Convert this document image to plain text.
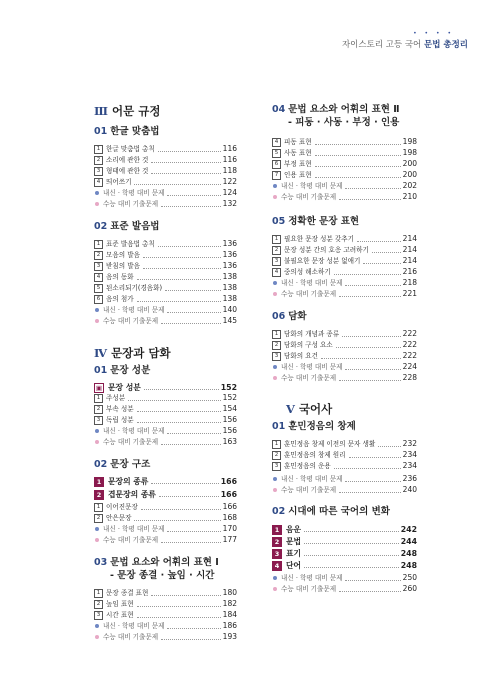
• • • •
자이스토리 고등 국어 문법 총정리
Ⅲ 어문 규정
01 한글 맞춤법
1 한글 맞춤법 총칙	116
2 소리에 관한 것	116
3 형태에 관한 것	118
4 띄어쓰기	122
내신 · 학평 대비 문제	124
수능 대비 기출문제	132
02 표준 발음법
1 표준 발음법 총칙	136
2 모음의 발음	136
3 받침의 발음	136
4 음의 동화	138
5 된소리되기(경음화)	138
6 음의 첨가	138
내신 · 학평 대비 문제	140
수능 대비 기출문제	145
Ⅳ 문장과 담화
01 문장 성분
▣ 문장 성분	152
1 주성분	152
2 부속 성분	154
3 독립 성분	156
내신 · 학평 대비 문제	156
수능 대비 기출문제	163
02 문장 구조
1 문장의 종류	166
2 겹문장의 종류	166
1 이어진문장	166
2 안은문장	168
내신 · 학평 대비 문제	170
수능 대비 기출문제	177
03 문법 요소와 어휘의 표현 Ⅰ
- 문장 종결 · 높임 · 시간
1 문장 종결 표현	180
2 높임 표현	182
3 시간 표현	184
내신 · 학평 대비 문제	186
수능 대비 기출문제	193
04 문법 요소와 어휘의 표현 Ⅱ
- 피동 · 사동 · 부정 · 인용
4 피동 표현	198
5 사동 표현	198
6 부정 표현	200
7 인용 표현	200
내신 · 학평 대비 문제	202
수능 대비 기출문제	210
05 정확한 문장 표현
1 필요한 문장 성분 갖추기	214
2 문장 성분 간의 호응 고려하기	214
3 불필요한 문장 성분 없애기	214
4 중의성 해소하기	216
내신 · 학평 대비 문제	218
수능 대비 기출문제	221
06 담화
1 담화의 개념과 종류	222
2 담화의 구성 요소	222
3 담화의 요건	222
내신 · 학평 대비 문제	224
수능 대비 기출문제	228
Ⅴ 국어사
01 훈민정음의 창제
1 훈민정음 창제 이전의 문자 생활	232
2 훈민정음의 창제 원리	234
3 훈민정음의 운용	234
내신 · 학평 대비 문제	236
수능 대비 기출문제	240
02 시대에 따른 국어의 변화
1 음운	242
2 문법	244
3 표기	248
4 단어	248
내신 · 학평 대비 문제	250
수능 대비 기출문제	260
